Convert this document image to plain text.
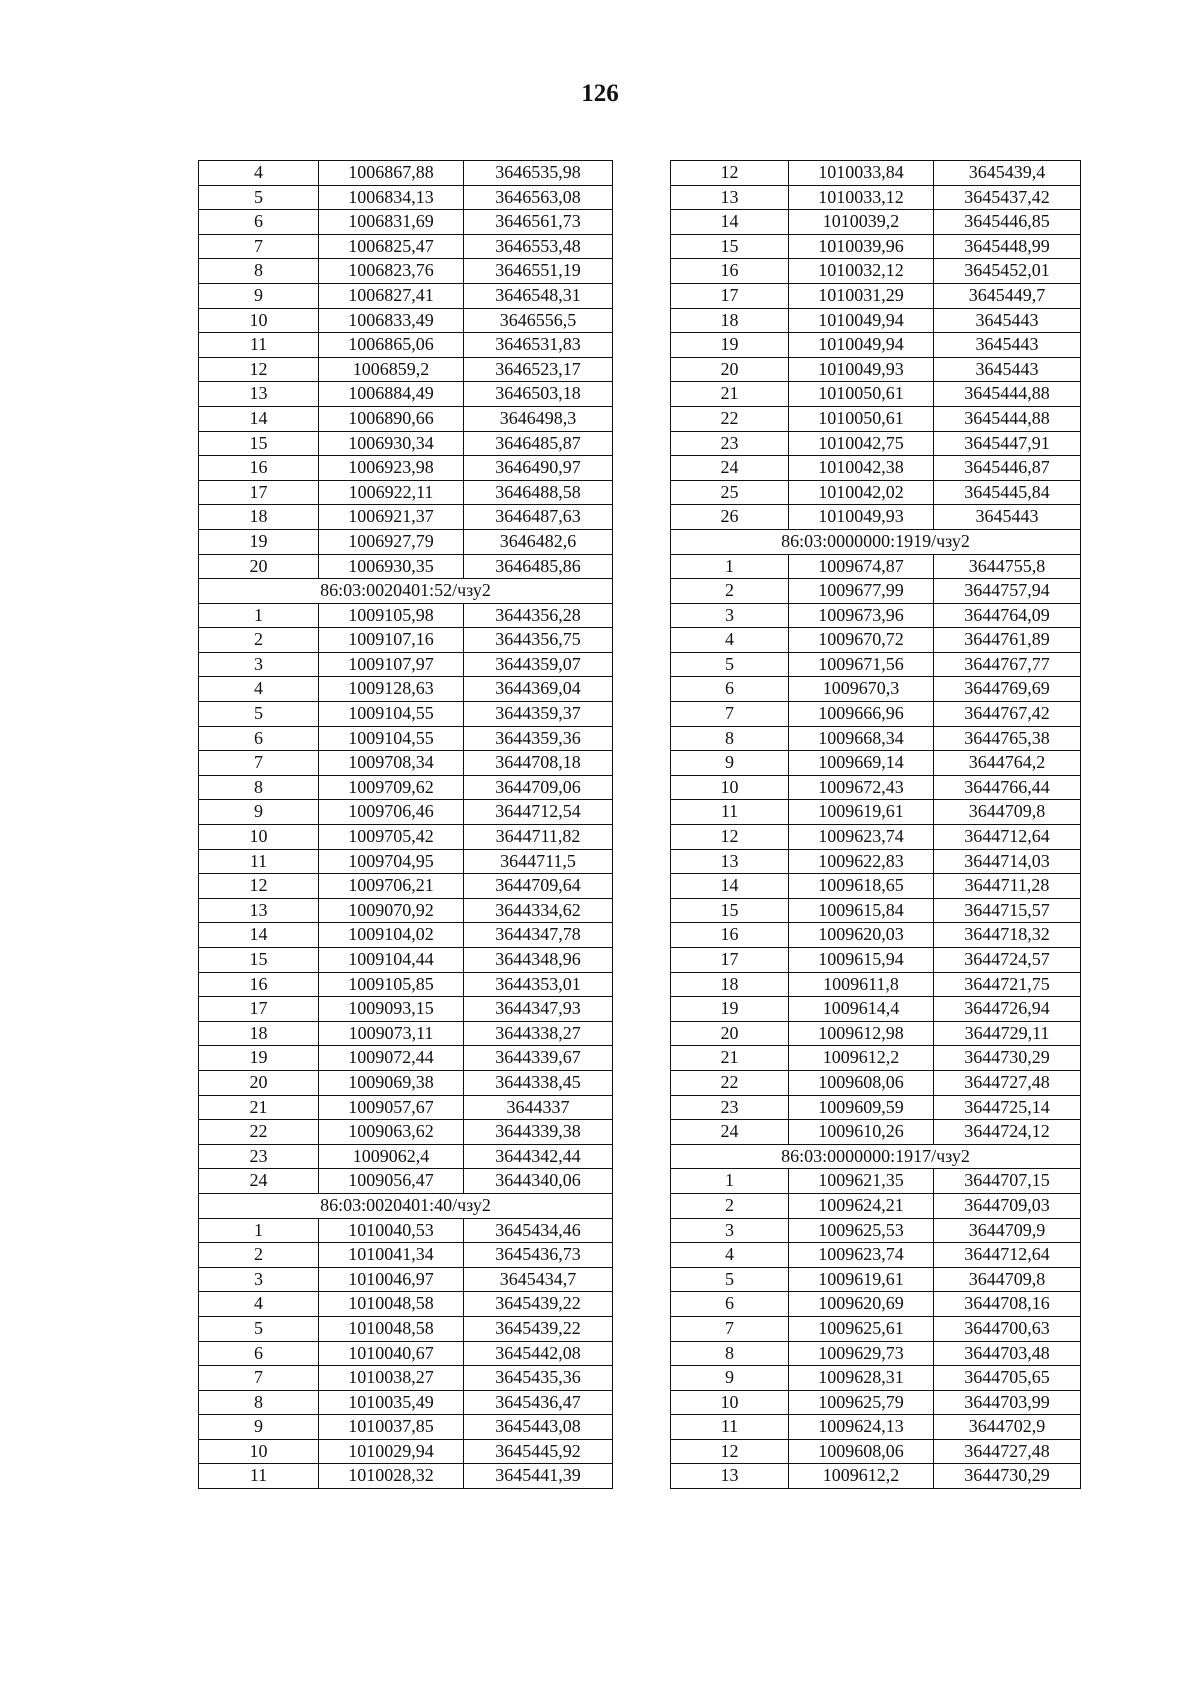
126
4	1006867,88	3646535,98
5	1006834,13	3646563,08
6	1006831,69	3646561,73
7	1006825,47	3646553,48
8	1006823,76	3646551,19
9	1006827,41	3646548,31
10	1006833,49	3646556,5
11	1006865,06	3646531,83
12	1006859,2	3646523,17
13	1006884,49	3646503,18
14	1006890,66	3646498,3
15	1006930,34	3646485,87
16	1006923,98	3646490,97
17	1006922,11	3646488,58
18	1006921,37	3646487,63
19	1006927,79	3646482,6
20	1006930,35	3646485,86
86:03:0020401:52/чзу2		
1	1009105,98	3644356,28
2	1009107,16	3644356,75
3	1009107,97	3644359,07
4	1009128,63	3644369,04
5	1009104,55	3644359,37
6	1009104,55	3644359,36
7	1009708,34	3644708,18
8	1009709,62	3644709,06
9	1009706,46	3644712,54
10	1009705,42	3644711,82
11	1009704,95	3644711,5
12	1009706,21	3644709,64
13	1009070,92	3644334,62
14	1009104,02	3644347,78
15	1009104,44	3644348,96
16	1009105,85	3644353,01
17	1009093,15	3644347,93
18	1009073,11	3644338,27
19	1009072,44	3644339,67
20	1009069,38	3644338,45
21	1009057,67	3644337
22	1009063,62	3644339,38
23	1009062,4	3644342,44
24	1009056,47	3644340,06
86:03:0020401:40/чзу2		
1	1010040,53	3645434,46
2	1010041,34	3645436,73
3	1010046,97	3645434,7
4	1010048,58	3645439,22
5	1010048,58	3645439,22
6	1010040,67	3645442,08
7	1010038,27	3645435,36
8	1010035,49	3645436,47
9	1010037,85	3645443,08
10	1010029,94	3645445,92
11	1010028,32	3645441,39
12	1010033,84	3645439,4
13	1010033,12	3645437,42
14	1010039,2	3645446,85
15	1010039,96	3645448,99
16	1010032,12	3645452,01
17	1010031,29	3645449,7
18	1010049,94	3645443
19	1010049,94	3645443
20	1010049,93	3645443
21	1010050,61	3645444,88
22	1010050,61	3645444,88
23	1010042,75	3645447,91
24	1010042,38	3645446,87
25	1010042,02	3645445,84
26	1010049,93	3645443
86:03:0000000:1919/чзу2		
1	1009674,87	3644755,8
2	1009677,99	3644757,94
3	1009673,96	3644764,09
4	1009670,72	3644761,89
5	1009671,56	3644767,77
6	1009670,3	3644769,69
7	1009666,96	3644767,42
8	1009668,34	3644765,38
9	1009669,14	3644764,2
10	1009672,43	3644766,44
11	1009619,61	3644709,8
12	1009623,74	3644712,64
13	1009622,83	3644714,03
14	1009618,65	3644711,28
15	1009615,84	3644715,57
16	1009620,03	3644718,32
17	1009615,94	3644724,57
18	1009611,8	3644721,75
19	1009614,4	3644726,94
20	1009612,98	3644729,11
21	1009612,2	3644730,29
22	1009608,06	3644727,48
23	1009609,59	3644725,14
24	1009610,26	3644724,12
86:03:0000000:1917/чзу2		
1	1009621,35	3644707,15
2	1009624,21	3644709,03
3	1009625,53	3644709,9
4	1009623,74	3644712,64
5	1009619,61	3644709,8
6	1009620,69	3644708,16
7	1009625,61	3644700,63
8	1009629,73	3644703,48
9	1009628,31	3644705,65
10	1009625,79	3644703,99
11	1009624,13	3644702,9
12	1009608,06	3644727,48
13	1009612,2	3644730,29
